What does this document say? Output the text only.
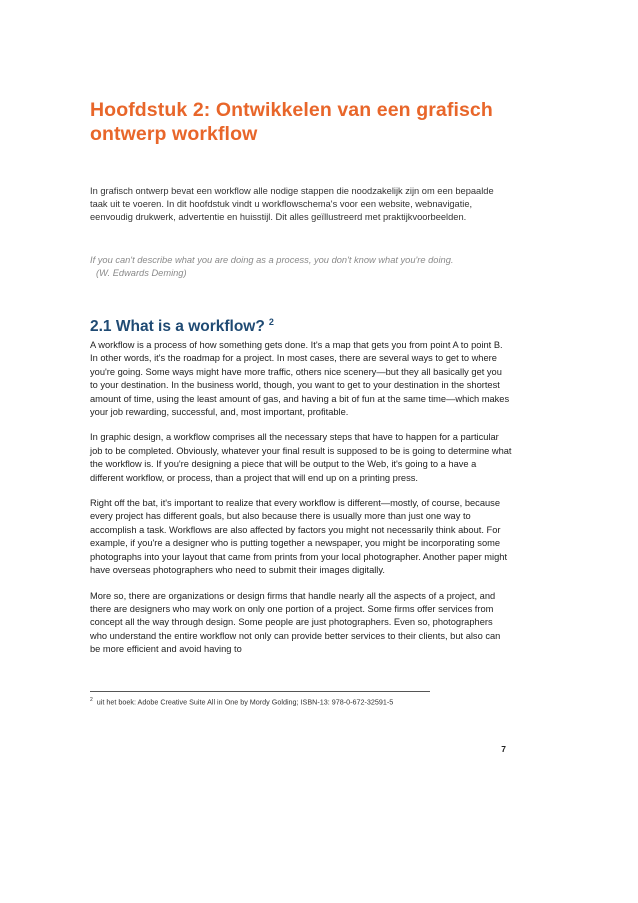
Hoofdstuk 2: Ontwikkelen van een grafisch ontwerp workflow

In grafisch ontwerp bevat een workflow alle nodige stappen die noodzakelijk zijn om een bepaalde taak uit te voeren. In dit hoofdstuk vindt u workflowschema's voor een website, webnavigatie, eenvoudig drukwerk, advertentie en huisstijl. Dit alles geïllustreerd met praktijkvoorbeelden.

If you can't describe what you are doing as a process, you don't know what you're doing.
(W. Edwards Deming)

2.1 What is a workflow? $^2$

A workflow is a process of how something gets done. It's a map that gets you from point A to point B. In other words, it's the roadmap for a project. In most cases, there are several ways to get to where you're going. Some ways might have more traffic, others nice scenery—but they all basically get you to your destination. In the business world, though, you want to get to your destination in the shortest amount of time, using the least amount of gas, and having a bit of fun at the same time—which makes your job rewarding, successful, and, most important, profitable.

In graphic design, a workflow comprises all the necessary steps that have to happen for a particular job to be completed. Obviously, whatever your final result is supposed to be is going to determine what the workflow is. If you're designing a piece that will be output to the Web, it's going to a have a different workflow, or process, than a project that will end up on a printing press.

Right off the bat, it's important to realize that every workflow is different—mostly, of course, because every project has different goals, but also because there is usually more than just one way to accomplish a task. Workflows are also affected by factors you might not necessarily think about. For example, if you're a designer who is putting together a newspaper, you might be incorporating some photographs into your layout that came from prints from your local photographer. Another paper might have overseas photographers who need to submit their images digitally.

More so, there are organizations or design firms that handle nearly all the aspects of a project, and there are designers who may work on only one portion of a project. Some firms offer services from concept all the way through design. Some people are just photographers. Even so, photographers who understand the entire workflow not only can provide better services to their clients, but also can be more efficient and avoid having to

$^2$ uit het boek: Adobe Creative Suite All in One by Mordy Golding; ISBN-13: 978-0-672-32591-5

7
